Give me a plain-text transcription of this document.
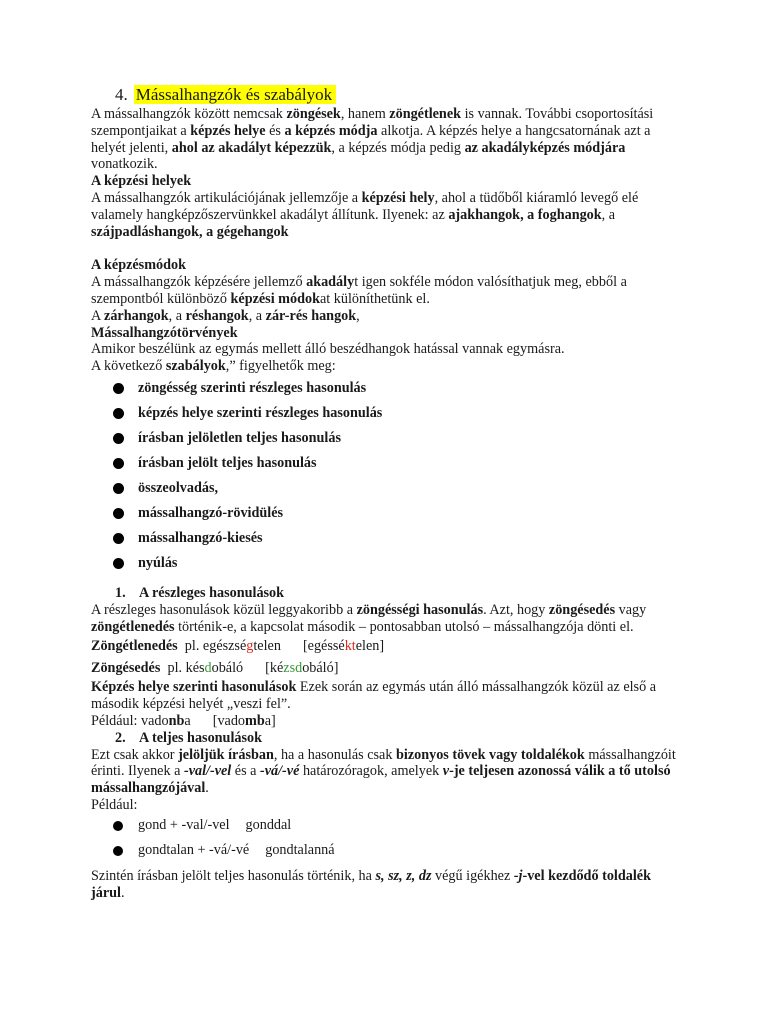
4. Mássalhangzók és szabályok

A mássalhangzók között nemcsak zöngések, hanem zöngétlenek is vannak. További csoportosítási szempontjaikat a képzés helye és a képzés módja alkotja. A képzés helye a hangcsatornának azt a helyét jelenti, ahol az akadályt képezzük, a képzés módja pedig az akadályképzés módjára vonatkozik.

A képzési helyek

A mássalhangzók artikulációjának jellemzője a képzési hely, ahol a tüdőből kiáramló levegő elé valamely hangképzőszervünkkel akadályt állítunk. Ilyenek: az ajakhangok, a foghangok, a szájpadláshangok, a gégehangok

A képzésmódok

A mássalhangzók képzésére jellemző akadályt igen sokféle módon valósíthatjuk meg, ebből a szempontból különböző képzési módokat különíthetünk el.

A zárhangok, a réshangok, a zár-rés hangok,

Mássalhangzótörvények

Amikor beszélünk az egymás mellett álló beszédhangok hatással vannak egymásra.

A következő szabályok,” figyelhetők meg:

zöngésség szerinti részleges hasonulás
képzés helye szerinti részleges hasonulás
írásban jelöletlen teljes hasonulás
írásban jelölt teljes hasonulás
összeolvadás,
mássalhangzó-rövidülés
mássalhangzó-kiesés
nyúlás
1. A részleges hasonulások

A részleges hasonulások közül leggyakoribb a zöngésségi hasonulás. Azt, hogy zöngésedés vagy zöngétlenedés történik-e, a kapcsolat második – pontosabban utolsó – mássalhangzója dönti el.

Zöngétlenedés pl. egészségtelen [egésséktelen]
Zöngésedés pl. késdobáló [kézsdobáló]

Képzés helye szerinti hasonulások Ezek során az egymás után álló mássalhangzók közül az első a második képzési helyét „veszi fel”.

Például: vadonba [vadomba]

2. A teljes hasonulások

Ezt csak akkor jelöljük írásban, ha a hasonulás csak bizonyos tövek vagy toldalékok mássalhangzóit érinti. Ilyenek a -val/-vel és a -vá/-vé határozóragok, amelyek v-je teljesen azonossá válik a tő utolsó mássalhangzójával.

Például:

gond + -val/-vel gonddal
gondtalan + -vá/-vé gondtalanná

Szintén írásban jelölt teljes hasonulás történik, ha s, sz, z, dz végű igékhez -j-vel kezdődő toldalék járul.
